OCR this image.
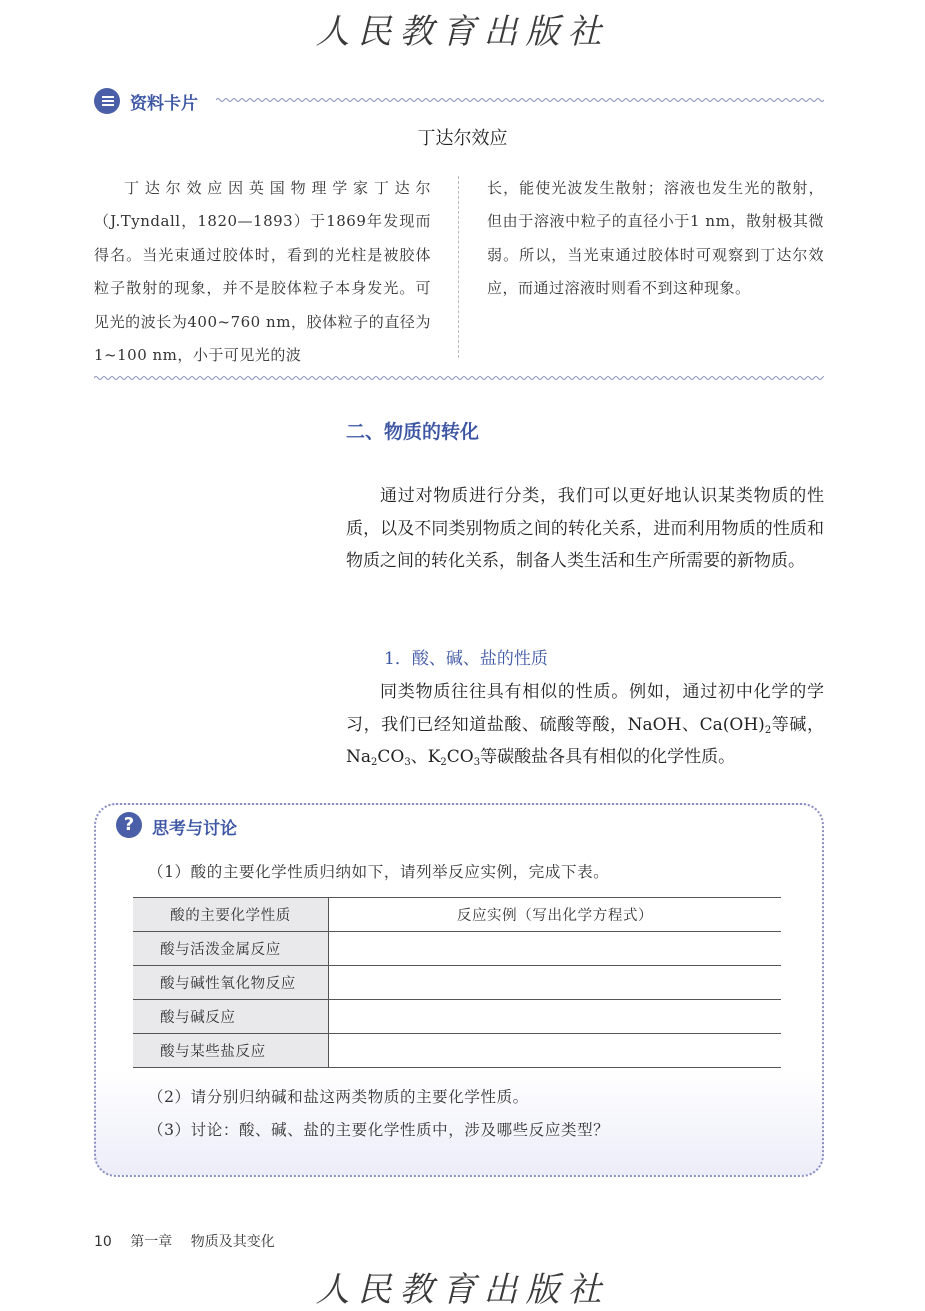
人民教育出版社
资料卡片
丁达尔效应
丁达尔效应因英国物理学家丁达尔（J.Tyndall，1820—1893）于1869年发现而得名。当光束通过胶体时，看到的光柱是被胶体粒子散射的现象，并不是胶体粒子本身发光。可见光的波长为400~760 nm，胶体粒子的直径为1~100 nm，小于可见光的波
长，能使光波发生散射；溶液也发生光的散射，但由于溶液中粒子的直径小于1 nm，散射极其微弱。所以，当光束通过胶体时可观察到丁达尔效应，而通过溶液时则看不到这种现象。
二、物质的转化
通过对物质进行分类，我们可以更好地认识某类物质的性质，以及不同类别物质之间的转化关系，进而利用物质的性质和物质之间的转化关系，制备人类生活和生产所需要的新物质。
1．酸、碱、盐的性质
同类物质往往具有相似的性质。例如，通过初中化学的学习，我们已经知道盐酸、硫酸等酸，NaOH、$Ca(OH)_2$等碱，$Na_2CO_3$、$K_2CO_3$等碳酸盐各具有相似的化学性质。
?	思考与讨论
（1）酸的主要化学性质归纳如下，请列举反应实例，完成下表。
酸的主要化学性质	反应实例（写出化学方程式）
酸与活泼金属反应	
酸与碱性氧化物反应	
酸与碱反应	
酸与某些盐反应	
（2）请分别归纳碱和盐这两类物质的主要化学性质。
（3）讨论：酸、碱、盐的主要化学性质中，涉及哪些反应类型？
10 第一章 物质及其变化
人民教育出版社
